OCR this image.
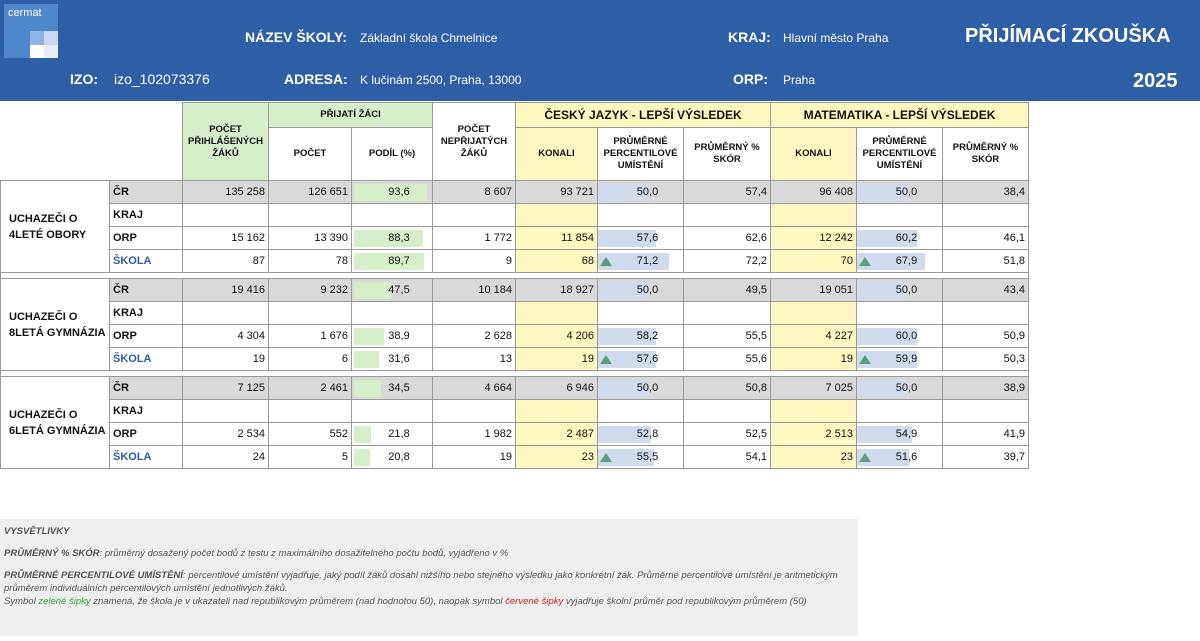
cermat
NÁZEV ŠKOLY: Základní škola Chmelnice	KRAJ: Hlavní město Praha	PŘIJÍMACÍ ZKOUŠKA
IZO: izo_102073376	ADRESA: K lučinám 2500, Praha, 13000	ORP: Praha	2025
		POČET PŘIHLÁŠENÝCH ŽÁKŮ	PŘIJATÍ ŽÁCI		POČET NEPŘIJATÝCH ŽÁKŮ	ČESKÝ JAZYK - LEPŠÍ VÝSLEDEK			MATEMATIKA - LEPŠÍ VÝSLEDEK		
			POČET	PODÍL (%)		KONALI	PRŮMĚRNÉ PERCENTILOVÉ UMÍSTĚNÍ	PRŮMĚRNÝ % SKÓR	KONALI	PRŮMĚRNÉ PERCENTILOVÉ UMÍSTĚNÍ	PRŮMĚRNÝ % SKÓR
UCHAZEČI O 4LETÉ OBORY	ČR	135 258	126 651	93,6	8 607	93 721	50,0	57,4	96 408	50,0	38,4
	KRAJ			

	ORP	15 162	13 390	88,3	1 772	11 854	57,6	62,6	12 242	60,2	46,1
	ŠKOLA	87	78	89,7	9	68	71,2	72,2	70	67,9	51,8

UCHAZEČI O 8LETÁ GYMNÁZIA	ČR	19 416	9 232	47,5	10 184	18 927	50,0	49,5	19 051	50,0	43,4
	KRAJ			

	ORP	4 304	1 676	38,9	2 628	4 206	58,2	55,5	4 227	60,0	50,9
	ŠKOLA	19	6	31,6	13	19	57,6	55,6	19	59,9	50,3

UCHAZEČI O 6LETÁ GYMNÁZIA	ČR	7 125	2 461	34,5	4 664	6 946	50,0	50,8	7 025	50,0	38,9
	KRAJ			

	ORP	2 534	552	21,8	1 982	2 487	52,8	52,5	2 513	54,9	41,9
	ŠKOLA	24	5	20,8	19	23	55,5	54,1	23	51,6	39,7

VYSVĚTLIVKY

PRŮMĚRNÝ % SKÓR: průměrný dosažený počet bodů z testu z maximálního dosažitelného počtu bodů, vyjádřeno v %

PRŮMĚRNÉ PERCENTILOVÉ UMÍSTĚNÍ: percentilové umístění vyjadřuje, jaký podíl žáků dosáhl nižšího nebo stejného výsledku jako konkrétní žák. Průměrné percentilové umístění je aritmetickým průměrem individuálních percentilových umístění jednotlivých žáků.

Symbol zelené šipky znamená, že škola je v ukazateli nad republikovým průměrem (nad hodnotou 50), naopak symbol červené šipky vyjadřuje školní průměr pod republikovým průměrem (50)
